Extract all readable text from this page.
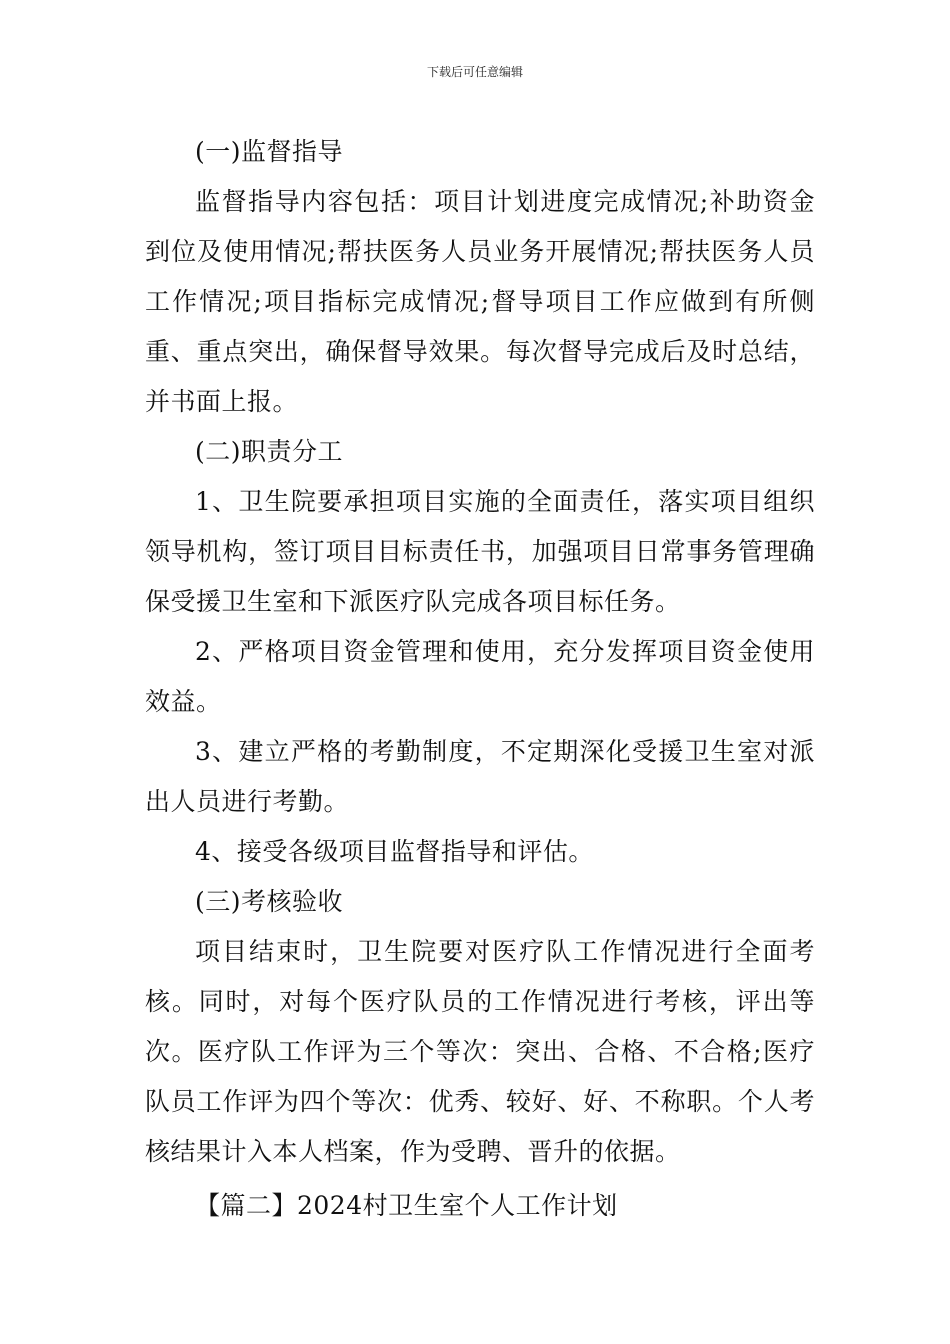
下载后可任意编辑

(一)监督指导

监督指导内容包括：项目计划进度完成情况;补助资金到位及使用情况;帮扶医务人员业务开展情况;帮扶医务人员工作情况;项目指标完成情况;督导项目工作应做到有所侧重、重点突出，确保督导效果。每次督导完成后及时总结，并书面上报。

(二)职责分工

1、卫生院要承担项目实施的全面责任，落实项目组织领导机构，签订项目目标责任书，加强项目日常事务管理确保受援卫生室和下派医疗队完成各项目标任务。

2、严格项目资金管理和使用，充分发挥项目资金使用效益。

3、建立严格的考勤制度，不定期深化受援卫生室对派出人员进行考勤。

4、接受各级项目监督指导和评估。

(三)考核验收

项目结束时，卫生院要对医疗队工作情况进行全面考核。同时，对每个医疗队员的工作情况进行考核，评出等次。医疗队工作评为三个等次：突出、合格、不合格;医疗队员工作评为四个等次：优秀、较好、好、不称职。个人考核结果计入本人档案，作为受聘、晋升的依据。

【篇二】2024村卫生室个人工作计划
